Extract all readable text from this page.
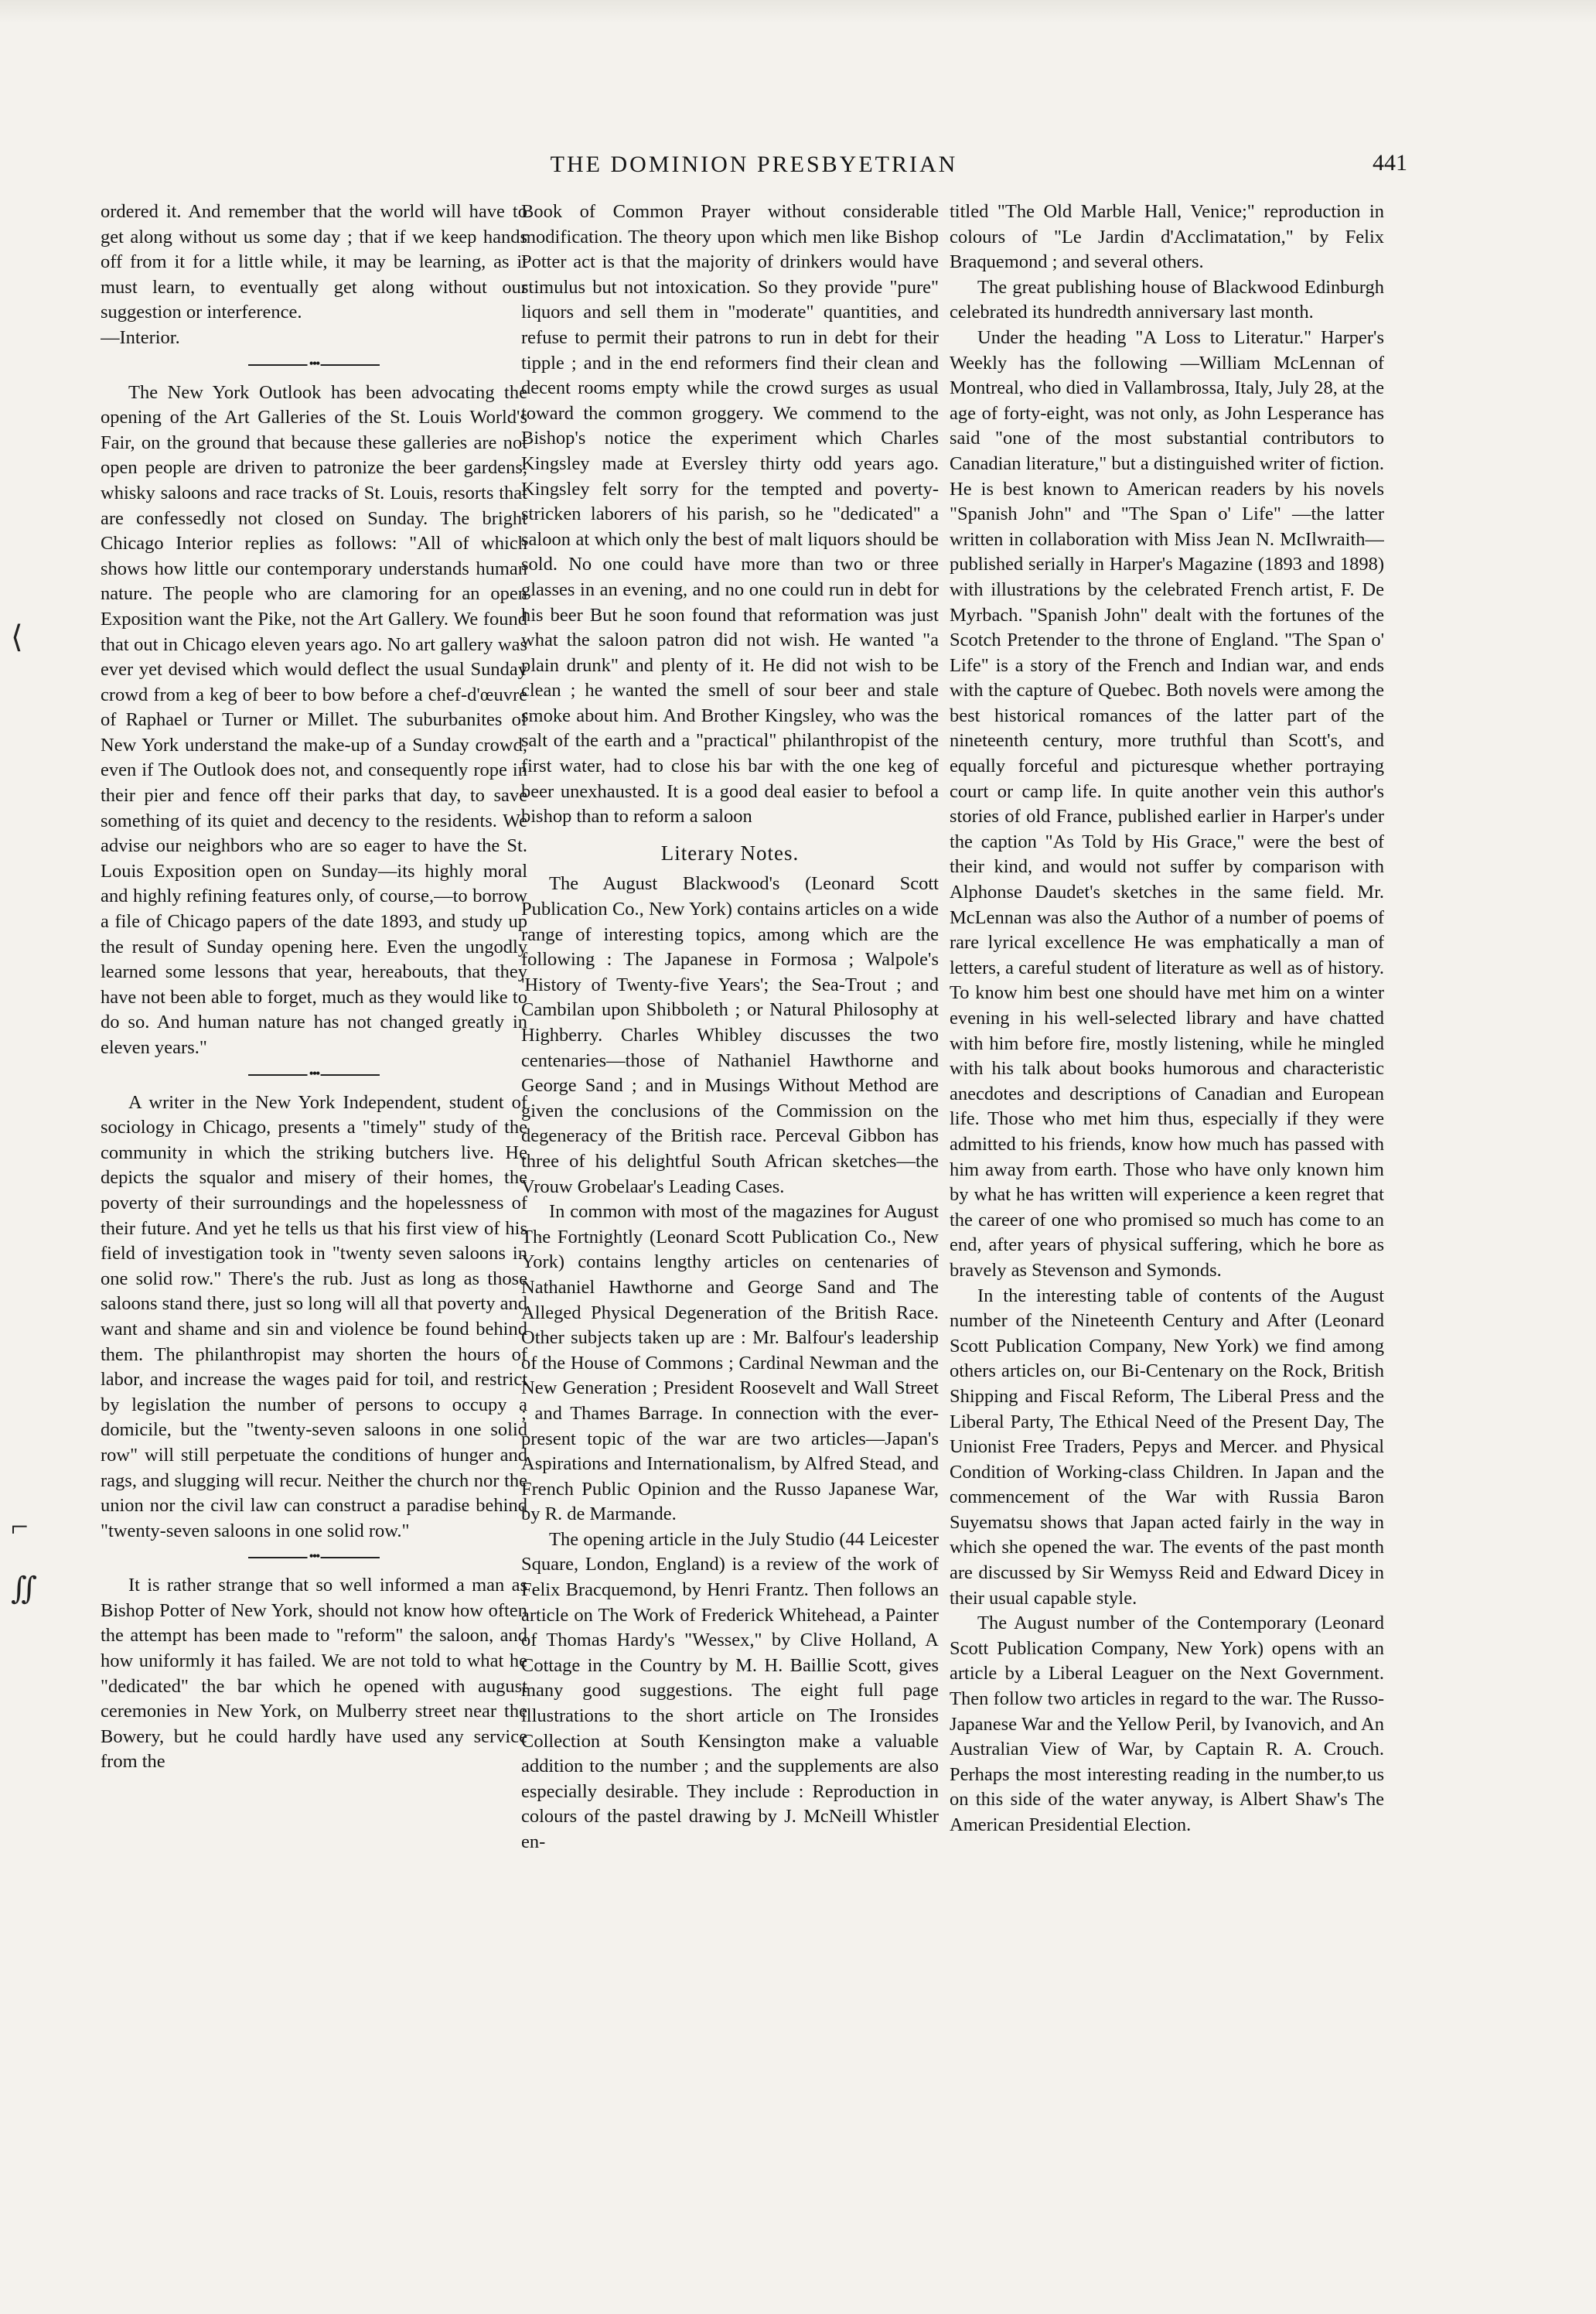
⟨
⌐
∬
THE DOMINION PRESBYETRIAN	441

ordered it. And remember that the world will have to get along without us some day ; that if we keep hands off from it for a little while, it may be learning, as it must learn, to eventually get along without our suggestion or interference.

—Interior.

•••

The New York Outlook has been advocating the opening of the Art Galleries of the St. Louis World's Fair, on the ground that because these galleries are not open people are driven to patronize the beer gardens, whisky saloons and race tracks of St. Louis, resorts that are confessedly not closed on Sunday. The bright Chicago Interior replies as follows: "All of which shows how little our contemporary understands human nature. The people who are clamoring for an open Exposition want the Pike, not the Art Gallery. We found that out in Chicago eleven years ago. No art gallery was ever yet devised which would deflect the usual Sunday crowd from a keg of beer to bow before a chef-d'œuvre of Raphael or Turner or Millet. The suburbanites of New York understand the make-up of a Sunday crowd, even if The Outlook does not, and consequently rope in their pier and fence off their parks that day, to save something of its quiet and decency to the residents. We advise our neighbors who are so eager to have the St. Louis Exposition open on Sunday—its highly moral and highly refining features only, of course,—to borrow a file of Chicago papers of the date 1893, and study up the result of Sunday opening here. Even the ungodly learned some lessons that year, hereabouts, that they have not been able to forget, much as they would like to do so. And human nature has not changed greatly in eleven years."

•••

A writer in the New York Independent, student of sociology in Chicago, presents a "timely" study of the community in which the striking butchers live. He depicts the squalor and misery of their homes, the poverty of their surroundings and the hopelessness of their future. And yet he tells us that his first view of his field of investigation took in "twenty seven saloons in one solid row." There's the rub. Just as long as those saloons stand there, just so long will all that poverty and want and shame and sin and violence be found behind them. The philanthropist may shorten the hours of labor, and increase the wages paid for toil, and restrict by legislation the number of persons to occupy a domicile, but the "twenty-seven saloons in one solid row" will still perpetuate the conditions of hunger and rags, and slugging will recur. Neither the church nor the union nor the civil law can construct a paradise behind "twenty-seven saloons in one solid row."

•••

It is rather strange that so well informed a man as Bishop Potter of New York, should not know how often the attempt has been made to "reform" the saloon, and how uniformly it has failed. We are not told to what he "dedicated" the bar which he opened with august ceremonies in New York, on Mulberry street near the Bowery, but he could hardly have used any service from the

Book of Common Prayer without considerable modification. The theory upon which men like Bishop Potter act is that the majority of drinkers would have stimulus but not intoxication. So they provide "pure" liquors and sell them in "moderate" quantities, and refuse to permit their patrons to run in debt for their tipple ; and in the end reformers find their clean and decent rooms empty while the crowd surges as usual toward the common groggery. We commend to the Bishop's notice the experiment which Charles Kingsley made at Eversley thirty odd years ago. Kingsley felt sorry for the tempted and poverty-stricken laborers of his parish, so he "dedicated" a saloon at which only the best of malt liquors should be sold. No one could have more than two or three glasses in an evening, and no one could run in debt for his beer But he soon found that reformation was just what the saloon patron did not wish. He wanted "a plain drunk" and plenty of it. He did not wish to be clean ; he wanted the smell of sour beer and stale smoke about him. And Brother Kingsley, who was the salt of the earth and a "practical" philanthropist of the first water, had to close his bar with the one keg of beer unexhausted. It is a good deal easier to befool a bishop than to reform a saloon

Literary Notes.

The August Blackwood's (Leonard Scott Publication Co., New York) contains articles on a wide range of interesting topics, among which are the following : The Japanese in Formosa ; Walpole's 'History of Twenty-five Years'; the Sea-Trout ; and Cambilan upon Shibboleth ; or Natural Philosophy at Highberry. Charles Whibley discusses the two centenaries—those of Nathaniel Hawthorne and George Sand ; and in Musings Without Method are given the conclusions of the Commission on the degeneracy of the British race. Perceval Gibbon has three of his delightful South African sketches—the Vrouw Grobelaar's Leading Cases.

In common with most of the magazines for August The Fortnightly (Leonard Scott Publication Co., New York) contains lengthy articles on centenaries of Nathaniel Hawthorne and George Sand and The Alleged Physical Degeneration of the British Race. Other subjects taken up are : Mr. Balfour's leadership of the House of Commons ; Cardinal Newman and the New Generation ; President Roosevelt and Wall Street ; and Thames Barrage. In connection with the ever-present topic of the war are two articles—Japan's Aspirations and Internationalism, by Alfred Stead, and French Public Opinion and the Russo Japanese War, by R. de Marmande.

The opening article in the July Studio (44 Leicester Square, London, England) is a review of the work of Felix Bracquemond, by Henri Frantz. Then follows an article on The Work of Frederick Whitehead, a Painter of Thomas Hardy's "Wessex," by Clive Holland, A Cottage in the Country by M. H. Baillie Scott, gives many good suggestions. The eight full page illustrations to the short article on The Ironsides Collection at South Kensington make a valuable addition to the number ; and the supplements are also especially desirable. They include : Reproduction in colours of the pastel drawing by J. McNeill Whistler en-

titled "The Old Marble Hall, Venice;" reproduction in colours of "Le Jardin d'Acclimatation," by Felix Braquemond ; and several others.

The great publishing house of Blackwood Edinburgh celebrated its hundredth anniversary last month.

Under the heading "A Loss to Literatur." Harper's Weekly has the following —William McLennan of Montreal, who died in Vallambrossa, Italy, July 28, at the age of forty-eight, was not only, as John Lesperance has said "one of the most substantial contributors to Canadian literature," but a distinguished writer of fiction. He is best known to American readers by his novels "Spanish John" and "The Span o' Life" —the latter written in collaboration with Miss Jean N. McIlwraith—published serially in Harper's Magazine (1893 and 1898) with illustrations by the celebrated French artist, F. De Myrbach. "Spanish John" dealt with the fortunes of the Scotch Pretender to the throne of England. "The Span o' Life" is a story of the French and Indian war, and ends with the capture of Quebec. Both novels were among the best historical romances of the latter part of the nineteenth century, more truthful than Scott's, and equally forceful and picturesque whether portraying court or camp life. In quite another vein this author's stories of old France, published earlier in Harper's under the caption "As Told by His Grace," were the best of their kind, and would not suffer by comparison with Alphonse Daudet's sketches in the same field. Mr. McLennan was also the Author of a number of poems of rare lyrical excellence He was emphatically a man of letters, a careful student of literature as well as of history. To know him best one should have met him on a winter evening in his well-selected library and have chatted with him before fire, mostly listening, while he mingled with his talk about books humorous and characteristic anecdotes and descriptions of Canadian and European life. Those who met him thus, especially if they were admitted to his friends, know how much has passed with him away from earth. Those who have only known him by what he has written will experience a keen regret that the career of one who promised so much has come to an end, after years of physical suffering, which he bore as bravely as Stevenson and Symonds.

In the interesting table of contents of the August number of the Nineteenth Century and After (Leonard Scott Publication Company, New York) we find among others articles on, our Bi-Centenary on the Rock, British Shipping and Fiscal Reform, The Liberal Press and the Liberal Party, The Ethical Need of the Present Day, The Unionist Free Traders, Pepys and Mercer. and Physical Condition of Working-class Children. In Japan and the commencement of the War with Russia Baron Suyematsu shows that Japan acted fairly in the way in which she opened the war. The events of the past month are discussed by Sir Wemyss Reid and Edward Dicey in their usual capable style.

The August number of the Contemporary (Leonard Scott Publication Company, New York) opens with an article by a Liberal Leaguer on the Next Government. Then follow two articles in regard to the war. The Russo-Japanese War and the Yellow Peril, by Ivanovich, and An Australian View of War, by Captain R. A. Crouch. Perhaps the most interesting reading in the number,to us on this side of the water anyway, is Albert Shaw's The American Presidential Election.
